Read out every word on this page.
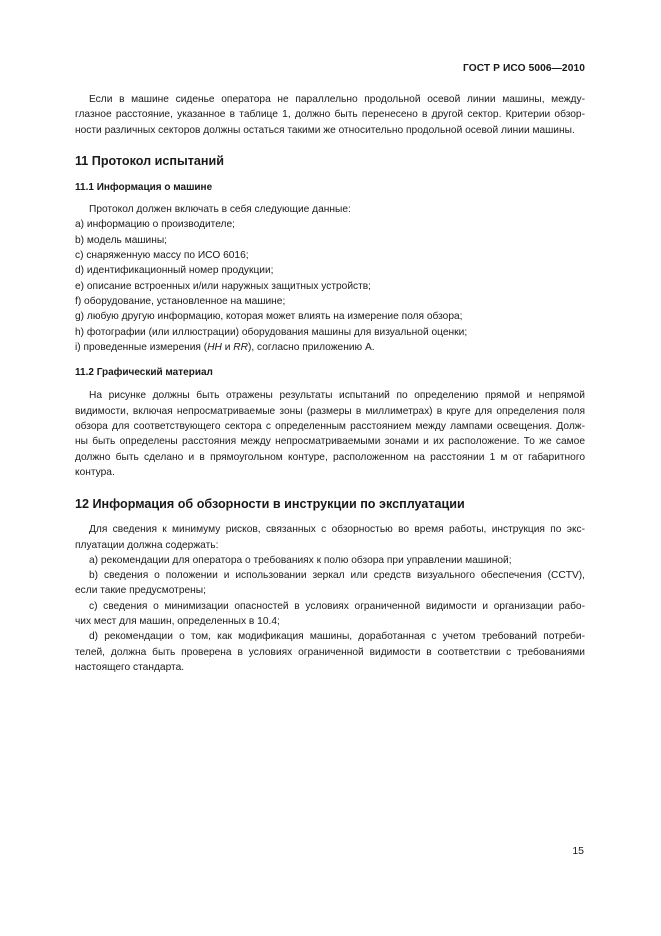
ГОСТ Р ИСО 5006—2010

Если в машине сиденье оператора не параллельно продольной осевой линии машины, между-

глазное расстояние, указанное в таблице 1, должно быть перенесено в другой сектор. Критерии обзор-

ности различных секторов должны остаться такими же относительно продольной осевой линии машины.

11 Протокол испытаний
11.1 Информация о машине

Протокол должен включать в себя следующие данные:

a) информацию о производителе;

b) модель машины;

c) снаряженную массу по ИСО 6016;

d) идентификационный номер продукции;

e) описание встроенных и/или наружных защитных устройств;

f) оборудование, установленное на машине;

g) любую другую информацию, которая может влиять на измерение поля обзора;

h) фотографии (или иллюстрации) оборудования машины для визуальной оценки;

i) проведенные измерения (HH и RR), согласно приложению А.

11.2 Графический материал

На рисунке должны быть отражены результаты испытаний по определению прямой и непрямой

видимости, включая непросматриваемые зоны (размеры в миллиметрах) в круге для определения поля

обзора для соответствующего сектора с определенным расстоянием между лампами освещения. Долж-

ны быть определены расстояния между непросматриваемыми зонами и их расположение. То же самое

должно быть сделано и в прямоугольном контуре, расположенном на расстоянии 1 м от габаритного

контура.

12 Информация об обзорности в инструкции по эксплуатации

Для сведения к минимуму рисков, связанных с обзорностью во время работы, инструкция по экс-

плуатации должна содержать:

a) рекомендации для оператора о требованиях к полю обзора при управлении машиной;

b) сведения о положении и использовании зеркал или средств визуального обеспечения (CCTV),

если такие предусмотрены;

c) сведения о минимизации опасностей в условиях ограниченной видимости и организации рабо-

чих мест для машин, определенных в 10.4;

d) рекомендации о том, как модификация машины, доработанная с учетом требований потреби-

телей, должна быть проверена в условиях ограниченной видимости в соответствии с требованиями

настоящего стандарта.

15
